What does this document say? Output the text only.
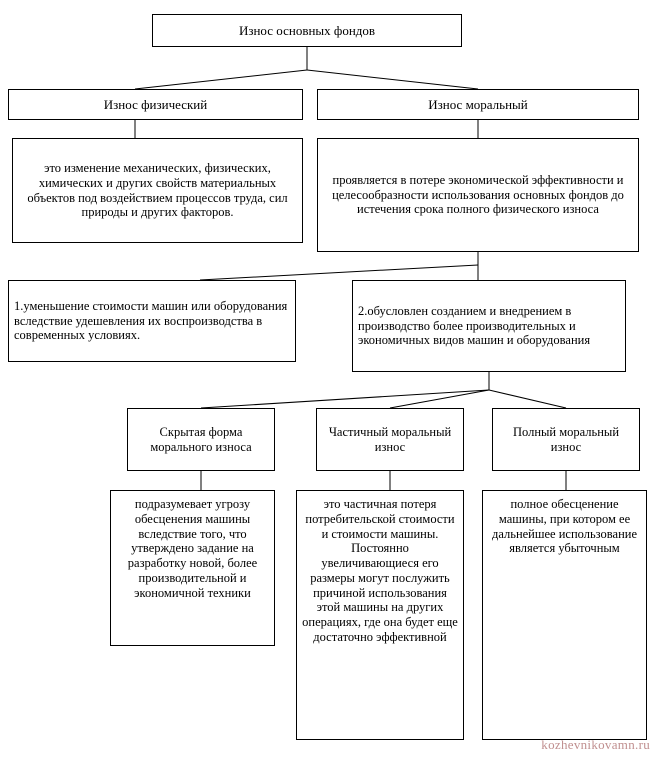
Износ основных фондов
Износ физический	Износ моральный
это изменение механических, физических, химических и других свойств материальных объектов под воздействием процессов труда, сил природы и других факторов.
проявляется в потере экономической эффективности и целесообразности использования основных фондов до истечения срока полного физического износа
1.уменьшение стоимости машин или оборудования вследствие удешевления их воспроизводства в современных условиях.
2.обусловлен созданием и внедрением в производство более производительных и экономичных видов машин и оборудования
Скрытая форма морального износа
Частичный моральный износ
Полный моральный износ
подразумевает угрозу обесценения машины вследствие того, что утверждено задание на разработку новой, более производительной и экономичной техники
это частичная потеря потребительской стоимости и стоимости машины. Постоянно увеличивающиеся его размеры могут послужить причиной использования этой машины на других операциях, где она будет еще достаточно эффективной
полное обесценение машины, при котором ее дальнейшее использование является убыточным
kozhevnikovamn.ru
